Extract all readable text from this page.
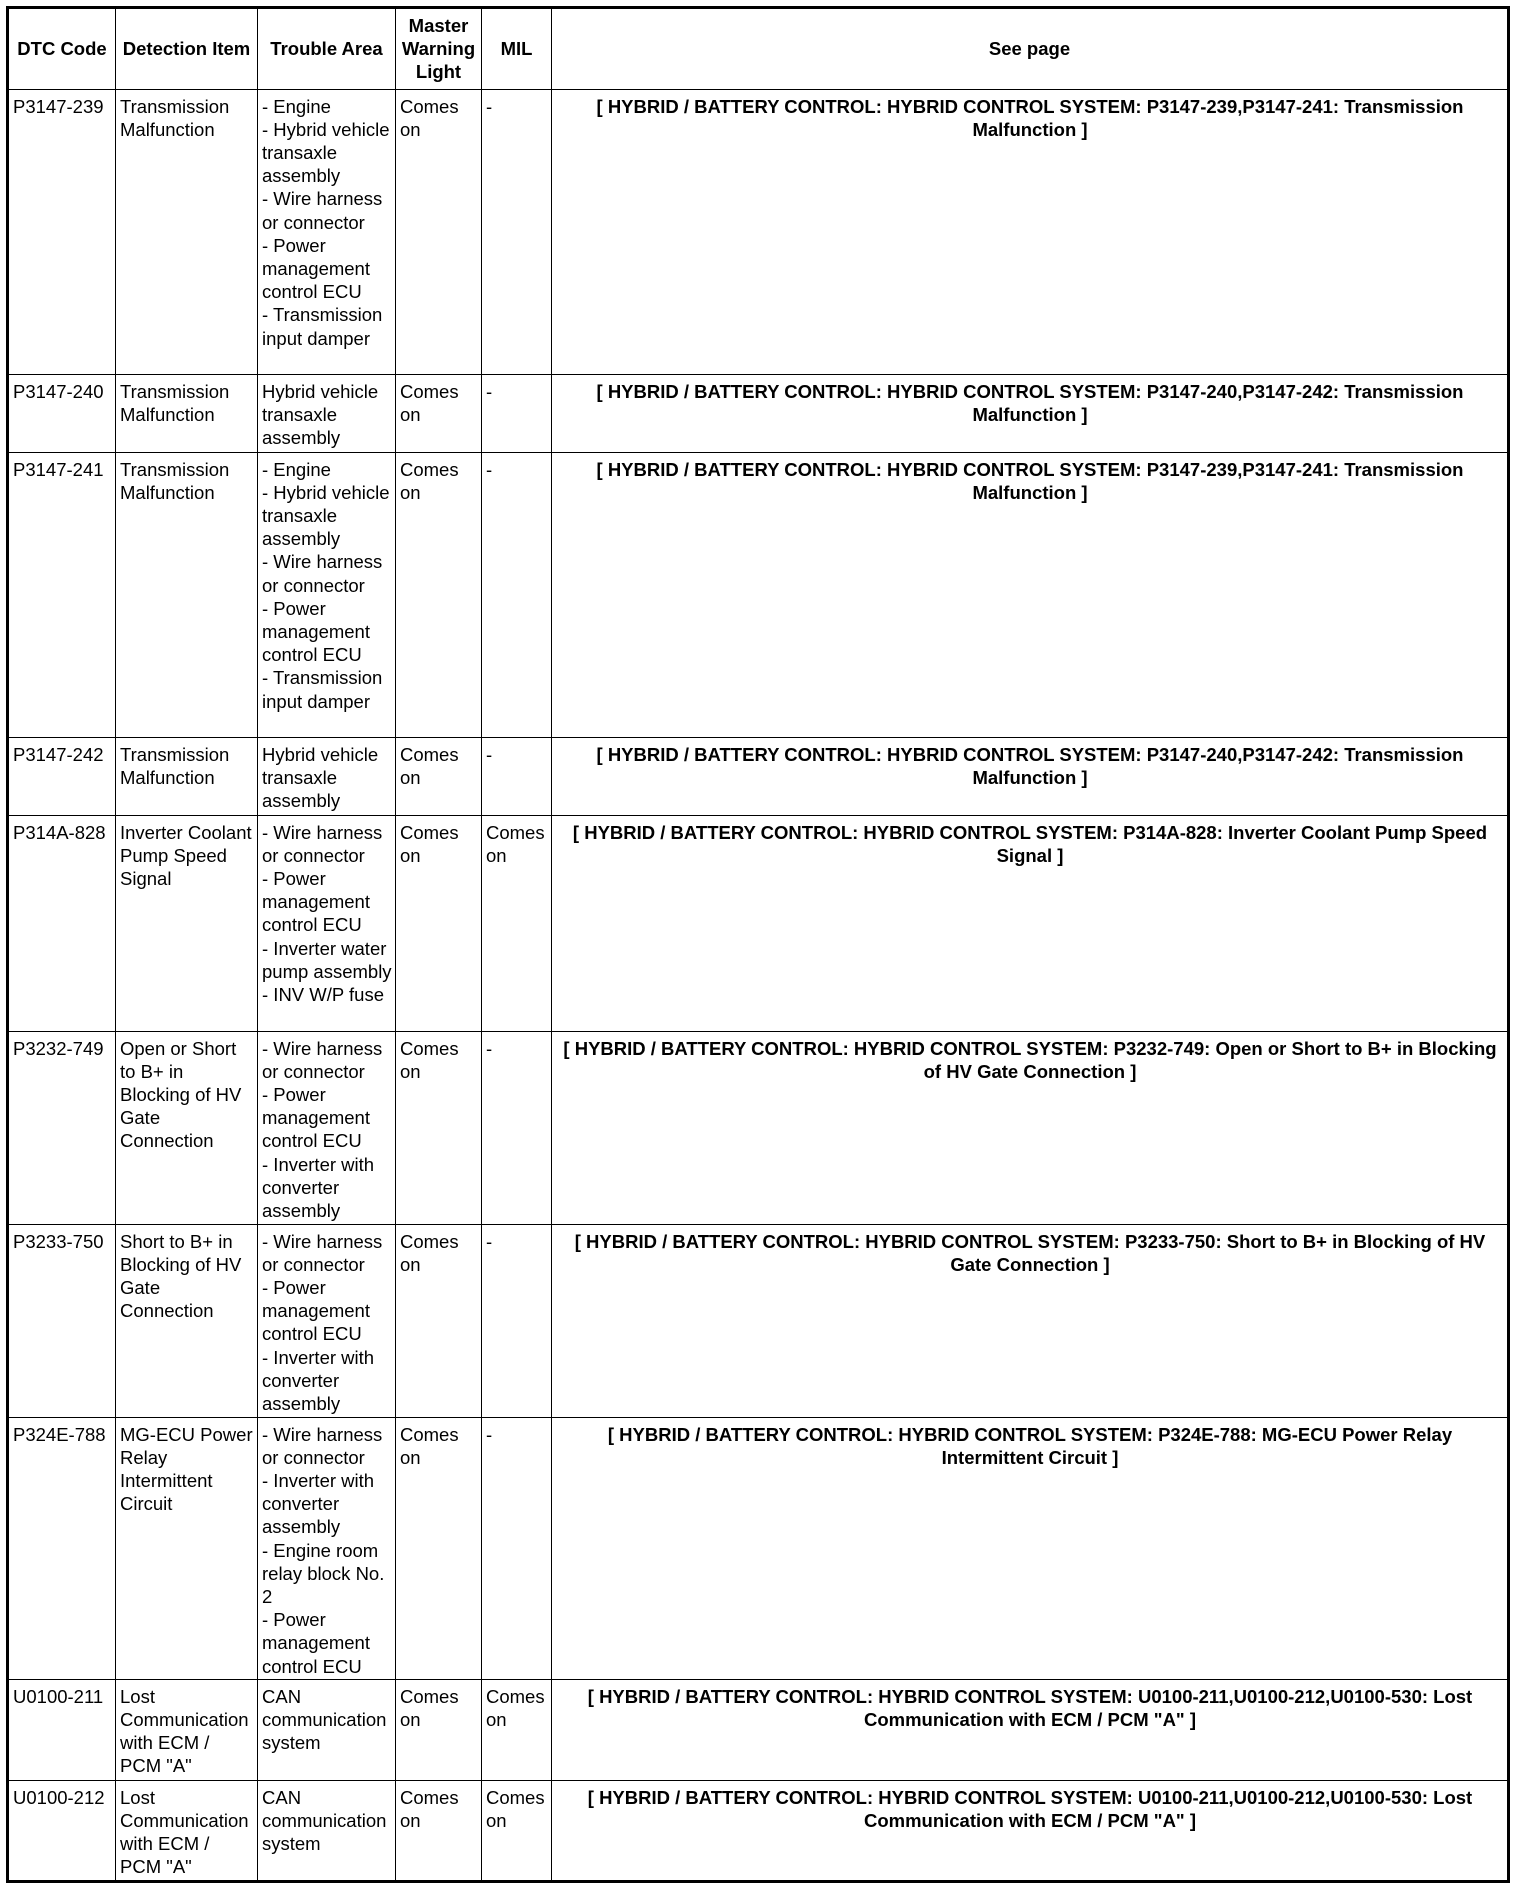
DTC Code	Detection Item	Trouble Area	Master Warning Light	MIL	See page
P3147-239	Transmission Malfunction	- Engine
- Hybrid vehicle transaxle assembly
- Wire harness or connector
- Power management control ECU
- Transmission input damper	Comes on	-	[ HYBRID / BATTERY CONTROL: HYBRID CONTROL SYSTEM: P3147-239,P3147-241: Transmission Malfunction ]
P3147-240	Transmission Malfunction	Hybrid vehicle transaxle assembly	Comes on	-	[ HYBRID / BATTERY CONTROL: HYBRID CONTROL SYSTEM: P3147-240,P3147-242: Transmission Malfunction ]
P3147-241	Transmission Malfunction	- Engine
- Hybrid vehicle transaxle assembly
- Wire harness or connector
- Power management control ECU
- Transmission input damper	Comes on	-	[ HYBRID / BATTERY CONTROL: HYBRID CONTROL SYSTEM: P3147-239,P3147-241: Transmission Malfunction ]
P3147-242	Transmission Malfunction	Hybrid vehicle transaxle assembly	Comes on	-	[ HYBRID / BATTERY CONTROL: HYBRID CONTROL SYSTEM: P3147-240,P3147-242: Transmission Malfunction ]
P314A-828	Inverter Coolant Pump Speed Signal	- Wire harness or connector
- Power management control ECU
- Inverter water pump assembly
- INV W/P fuse	Comes on	Comes on	[ HYBRID / BATTERY CONTROL: HYBRID CONTROL SYSTEM: P314A-828: Inverter Coolant Pump Speed Signal ]
P3232-749	Open or Short to B+ in Blocking of HV Gate Connection	- Wire harness or connector
- Power management control ECU
- Inverter with converter assembly	Comes on	-	[ HYBRID / BATTERY CONTROL: HYBRID CONTROL SYSTEM: P3232-749: Open or Short to B+ in Blocking of HV Gate Connection ]
P3233-750	Short to B+ in Blocking of HV Gate Connection	- Wire harness or connector
- Power management control ECU
- Inverter with converter assembly	Comes on	-	[ HYBRID / BATTERY CONTROL: HYBRID CONTROL SYSTEM: P3233-750: Short to B+ in Blocking of HV Gate Connection ]
P324E-788	MG-ECU Power Relay Intermittent Circuit	- Wire harness or connector
- Inverter with converter assembly
- Engine room relay block No. 2
- Power management control ECU	Comes on	-	[ HYBRID / BATTERY CONTROL: HYBRID CONTROL SYSTEM: P324E-788: MG-ECU Power Relay Intermittent Circuit ]
U0100-211	Lost Communication with ECM / PCM "A"	CAN communication system	Comes on	Comes on	[ HYBRID / BATTERY CONTROL: HYBRID CONTROL SYSTEM: U0100-211,U0100-212,U0100-530: Lost Communication with ECM / PCM "A" ]
U0100-212	Lost Communication with ECM / PCM "A"	CAN communication system	Comes on	Comes on	[ HYBRID / BATTERY CONTROL: HYBRID CONTROL SYSTEM: U0100-211,U0100-212,U0100-530: Lost Communication with ECM / PCM "A" ]
